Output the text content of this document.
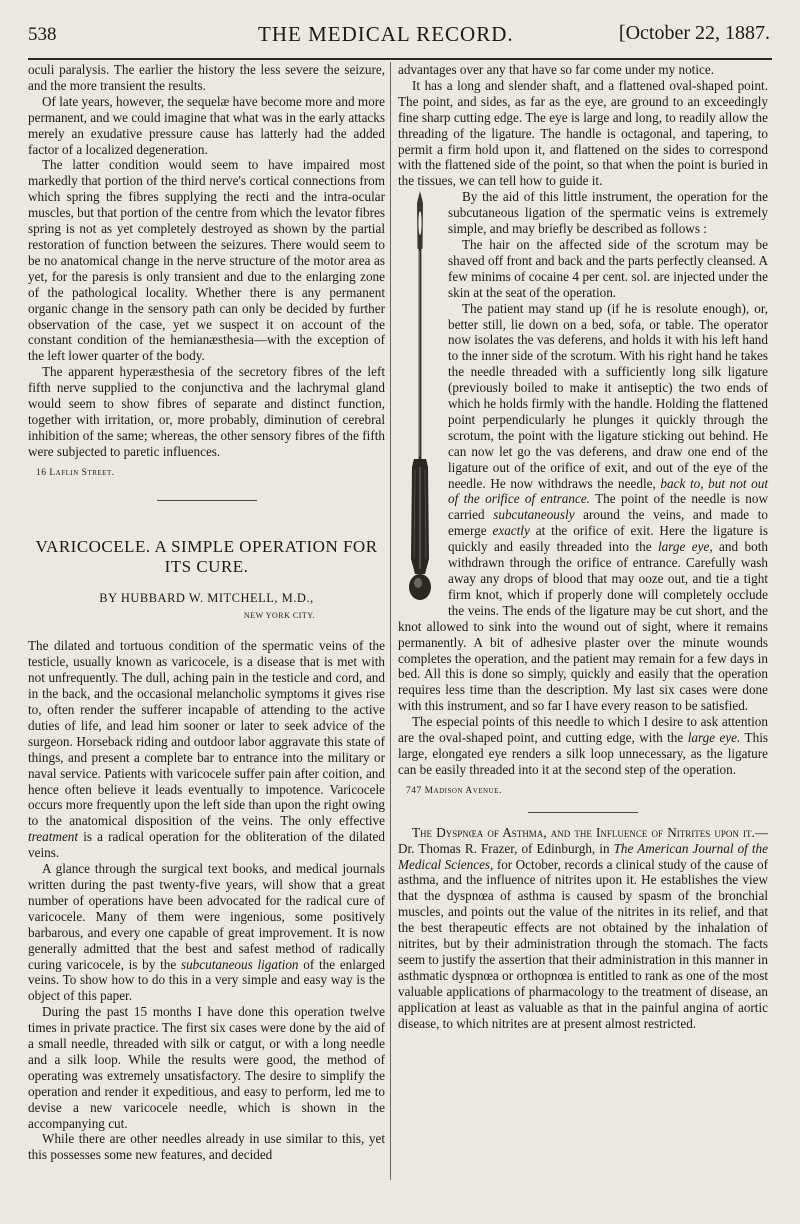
538	THE MEDICAL RECORD.	[October 22, 1887.

oculi paralysis. The earlier the history the less severe the seizure, and the more transient the results.

Of late years, however, the sequelæ have become more and more permanent, and we could imagine that what was in the early attacks merely an exudative pressure cause has latterly had the added factor of a localized degeneration.

The latter condition would seem to have impaired most markedly that portion of the third nerve's cortical connections from which spring the fibres supplying the recti and the intra-ocular muscles, but that portion of the centre from which the levator fibres spring is not as yet completely destroyed as shown by the partial restoration of function between the seizures. There would seem to be no anatomical change in the nerve structure of the motor area as yet, for the paresis is only transient and due to the enlarging zone of the pathological locality. Whether there is any permanent organic change in the sensory path can only be decided by further observation of the case, yet we suspect it on account of the constant condition of the hemianæsthesia—with the exception of the left lower quarter of the body.

The apparent hyperæsthesia of the secretory fibres of the left fifth nerve supplied to the conjunctiva and the lachrymal gland would seem to show fibres of separate and distinct function, together with irritation, or, more probably, diminution of cerebral inhibition of the same; whereas, the other sensory fibres of the fifth were subjected to paretic influences.

16 Laflin Street.
VARICOCELE. A SIMPLE OPERATION FOR ITS CURE.
BY HUBBARD W. MITCHELL, M.D.,
NEW YORK CITY.

The dilated and tortuous condition of the spermatic veins of the testicle, usually known as varicocele, is a disease that is met with not unfrequently. The dull, aching pain in the testicle and cord, and in the back, and the occasional melancholic symptoms it gives rise to, often render the sufferer incapable of attending to the active duties of life, and lead him sooner or later to seek advice of the surgeon. Horseback riding and outdoor labor aggravate this state of things, and present a complete bar to entrance into the military or naval service. Patients with varicocele suffer pain after coition, and hence often believe it leads eventually to impotence. Varicocele occurs more frequently upon the left side than upon the right owing to the anatomical disposition of the veins. The only effective treatment is a radical operation for the obliteration of the dilated veins.

A glance through the surgical text books, and medical journals written during the past twenty-five years, will show that a great number of operations have been advocated for the radical cure of varicocele. Many of them were ingenious, some positively barbarous, and every one capable of great improvement. It is now generally admitted that the best and safest method of radically curing varicocele, is by the subcutaneous ligation of the enlarged veins. To show how to do this in a very simple and easy way is the object of this paper.

During the past 15 months I have done this operation twelve times in private practice. The first six cases were done by the aid of a small needle, threaded with silk or catgut, or with a long needle and a silk loop. While the results were good, the method of operating was extremely unsatisfactory. The desire to simplify the operation and render it expeditious, and easy to perform, led me to devise a new varicocele needle, which is shown in the accompanying cut.

While there are other needles already in use similar to this, yet this possesses some new features, and decided

advantages over any that have so far come under my notice.

It has a long and slender shaft, and a flattened oval-shaped point. The point, and sides, as far as the eye, are ground to an exceedingly fine sharp cutting edge. The eye is large and long, to readily allow the threading of the ligature. The handle is octagonal, and tapering, to permit a firm hold upon it, and flattened on the sides to correspond with the flattened side of the point, so that when the point is buried in the tissues, we can tell how to guide it.

By the aid of this little instrument, the operation for the subcutaneous ligation of the spermatic veins is extremely simple, and may briefly be described as follows :

The hair on the affected side of the scrotum may be shaved off front and back and the parts perfectly cleansed. A few minims of cocaine 4 per cent. sol. are injected under the skin at the seat of the operation.

The patient may stand up (if he is resolute enough), or, better still, lie down on a bed, sofa, or table. The operator now isolates the vas deferens, and holds it with his left hand to the inner side of the scrotum. With his right hand he takes the needle threaded with a sufficiently long silk ligature (previously boiled to make it antiseptic) the two ends of which he holds firmly with the handle. Holding the flattened point perpendicularly he plunges it quickly through the scrotum, the point with the ligature sticking out behind. He can now let go the vas deferens, and draw one end of the ligature out of the orifice of exit, and out of the eye of the needle. He now withdraws the needle, back to, but not out of the orifice of entrance. The point of the needle is now carried subcutaneously around the veins, and made to emerge exactly at the orifice of exit. Here the ligature is quickly and easily threaded into the large eye, and both withdrawn through the orifice of entrance. Carefully wash away any drops of blood that may ooze out, and tie a tight firm knot, which if properly done will completely occlude the veins. The ends of the ligature may be cut short, and the knot allowed to sink into the wound out of sight, where it remains permanently. A bit of adhesive plaster over the minute wounds completes the operation, and the patient may remain for a few days in bed. All this is done so simply, quickly and easily that the operation requires less time than the description. My last six cases were done with this instrument, and so far I have every reason to be satisfied.

The especial points of this needle to which I desire to ask attention are the oval-shaped point, and cutting edge, with the large eye. This large, elongated eye renders a silk loop unnecessary, as the ligature can be easily threaded into it at the second step of the operation.

747 Madison Avenue.

The Dyspnœa of Asthma, and the Influence of Nitrites upon it.—Dr. Thomas R. Frazer, of Edinburgh, in The American Journal of the Medical Sciences, for October, records a clinical study of the cause of asthma, and the influence of nitrites upon it. He establishes the view that the dyspnœa of asthma is caused by spasm of the bronchial muscles, and points out the value of the nitrites in its relief, and that the best therapeutic effects are not obtained by the inhalation of nitrites, but by their administration through the stomach. The facts seem to justify the assertion that their administration in this manner in asthmatic dyspnœa or orthopnœa is entitled to rank as one of the most valuable applications of pharmacology to the treatment of disease, an application at least as valuable as that in the painful angina of aortic disease, to which nitrites are at present almost restricted.
